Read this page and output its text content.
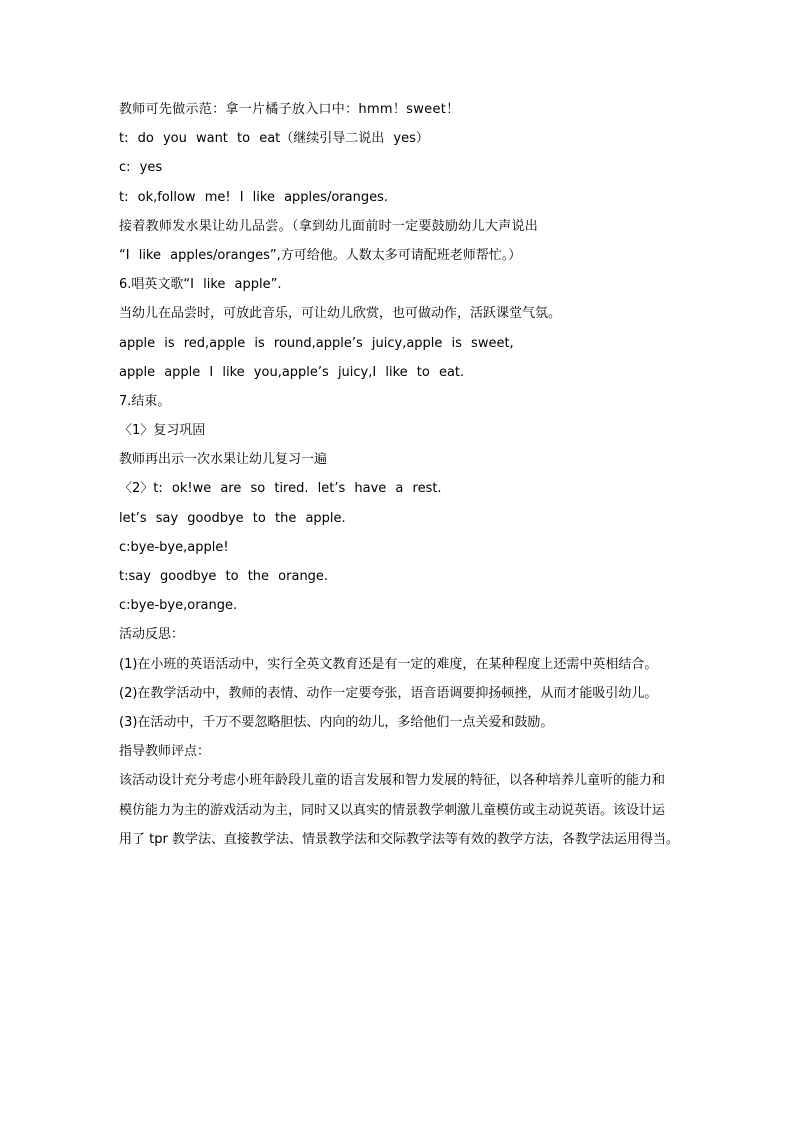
教师可先做示范：拿一片橘子放入口中：hmm！sweet！
t: do you want to eat（继续引导二说出 yes）
c: yes
t: ok,follow me! I like apples/oranges.
接着教师发水果让幼儿品尝。（拿到幼儿面前时一定要鼓励幼儿大声说出
“I like apples/oranges”,方可给他。人数太多可请配班老师帮忙。）
6.唱英文歌“I like apple”.
当幼儿在品尝时，可放此音乐，可让幼儿欣赏，也可做动作，活跃课堂气氛。
apple is red,apple is round,apple’s juicy,apple is sweet,
apple apple I like you,apple’s juicy,I like to eat.
7.结束。
〈1〉复习巩固
教师再出示一次水果让幼儿复习一遍
〈2〉t: ok!we are so tired. let’s have a rest.
let’s say goodbye to the apple.
c:bye-bye,apple!
t:say goodbye to the orange.
c:bye-bye,orange.
活动反思：
(1)在小班的英语活动中，实行全英文教育还是有一定的难度，在某种程度上还需中英相结合。
(2)在教学活动中，教师的表情、动作一定要夸张，语音语调要抑扬顿挫，从而才能吸引幼儿。
(3)在活动中，千万不要忽略胆怯、内向的幼儿，多给他们一点关爱和鼓励。
指导教师评点：
该活动设计充分考虑小班年龄段儿童的语言发展和智力发展的特征，以各种培养儿童听的能力和
模仿能力为主的游戏活动为主，同时又以真实的情景教学刺激儿童模仿或主动说英语。该设计运
用了 tpr 教学法、直接教学法、情景教学法和交际教学法等有效的教学方法，各教学法运用得当。
